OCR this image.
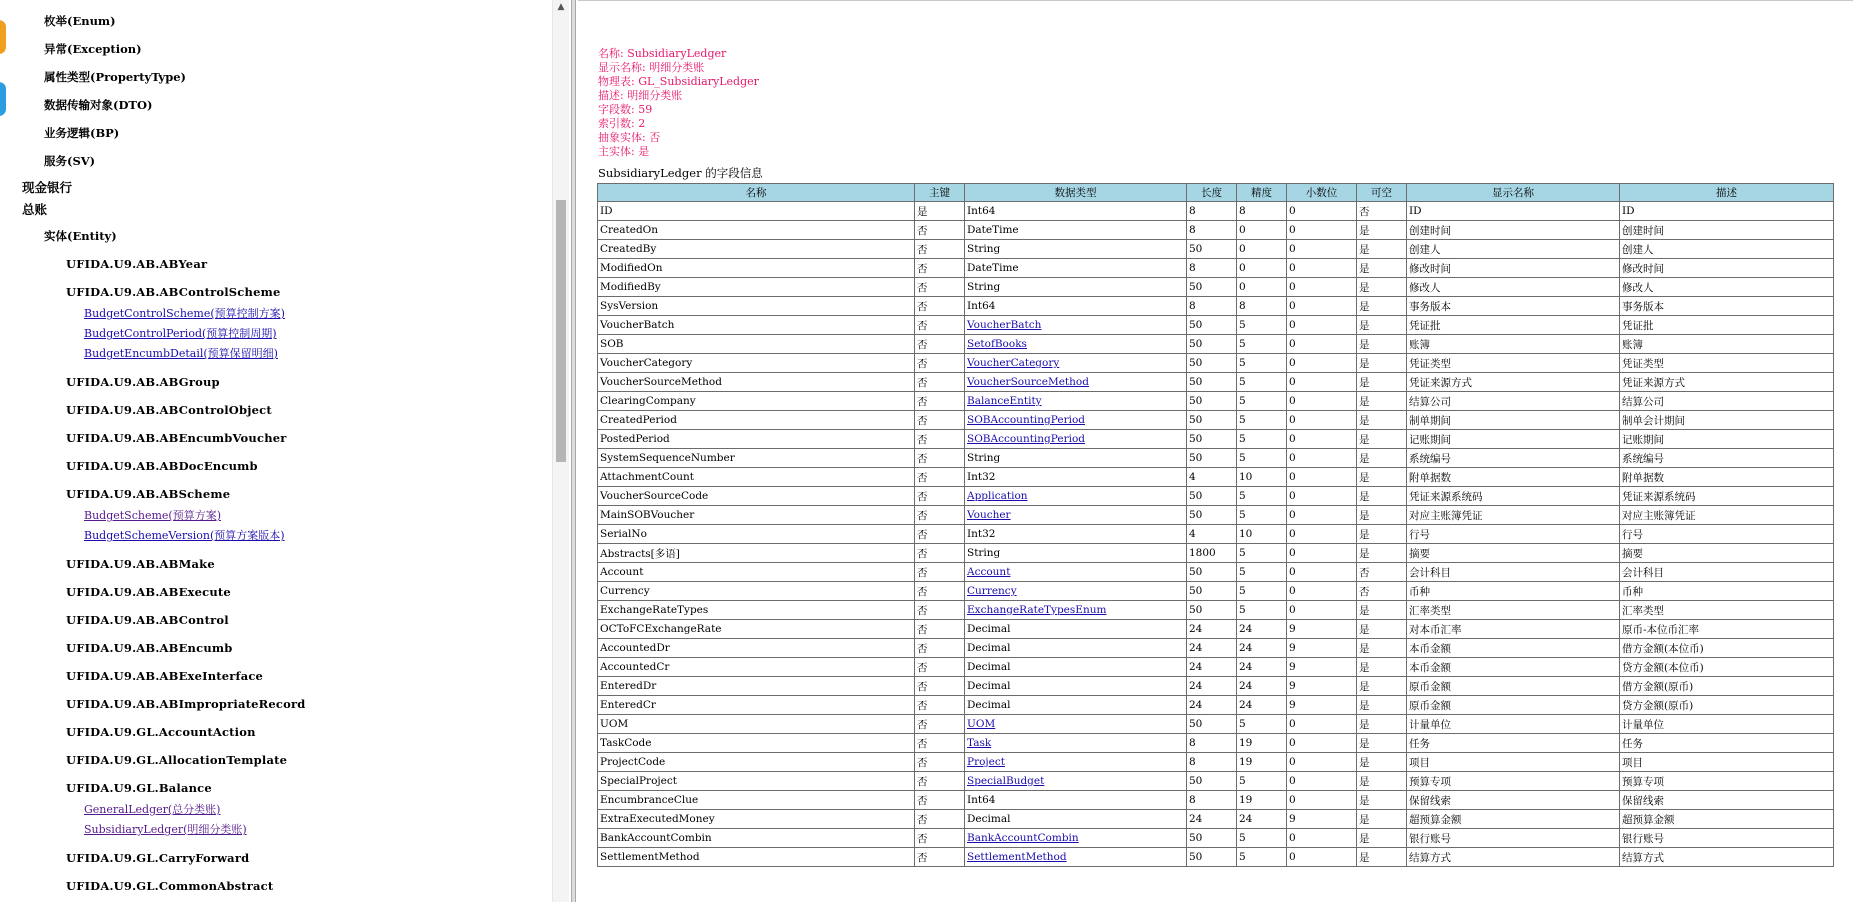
枚举(Enum)
异常(Exception)
属性类型(PropertyType)
数据传输对象(DTO)
业务逻辑(BP)
服务(SV)
现金银行
总账
实体(Entity)
UFIDA.U9.AB.ABYear
UFIDA.U9.AB.ABControlScheme
BudgetControlScheme(预算控制方案)
BudgetControlPeriod(预算控制周期)
BudgetEncumbDetail(预算保留明细)
UFIDA.U9.AB.ABGroup
UFIDA.U9.AB.ABControlObject
UFIDA.U9.AB.ABEncumbVoucher
UFIDA.U9.AB.ABDocEncumb
UFIDA.U9.AB.ABScheme
BudgetScheme(预算方案)
BudgetSchemeVersion(预算方案版本)
UFIDA.U9.AB.ABMake
UFIDA.U9.AB.ABExecute
UFIDA.U9.AB.ABControl
UFIDA.U9.AB.ABEncumb
UFIDA.U9.AB.ABExeInterface
UFIDA.U9.AB.ABImpropriateRecord
UFIDA.U9.GL.AccountAction
UFIDA.U9.GL.AllocationTemplate
UFIDA.U9.GL.Balance
GeneralLedger(总分类账)
SubsidiaryLedger(明细分类账)
UFIDA.U9.GL.CarryForward
UFIDA.U9.GL.CommonAbstract
▲
名称: SubsidiaryLedger
显示名称: 明细分类账
物理表: GL_SubsidiaryLedger
描述: 明细分类账
字段数: 59
索引数: 2
抽象实体: 否
主实体: 是
SubsidiaryLedger 的字段信息
名称	主键	数据类型	长度	精度	小数位	可空	显示名称	描述
ID	是	Int64	8	8	0	否	ID	ID
CreatedOn	否	DateTime	8	0	0	是	创建时间	创建时间
CreatedBy	否	String	50	0	0	是	创建人	创建人
ModifiedOn	否	DateTime	8	0	0	是	修改时间	修改时间
ModifiedBy	否	String	50	0	0	是	修改人	修改人
SysVersion	否	Int64	8	8	0	是	事务版本	事务版本
VoucherBatch	否	VoucherBatch	50	5	0	是	凭证批	凭证批
SOB	否	SetofBooks	50	5	0	是	账簿	账簿
VoucherCategory	否	VoucherCategory	50	5	0	是	凭证类型	凭证类型
VoucherSourceMethod	否	VoucherSourceMethod	50	5	0	是	凭证来源方式	凭证来源方式
ClearingCompany	否	BalanceEntity	50	5	0	是	结算公司	结算公司
CreatedPeriod	否	SOBAccountingPeriod	50	5	0	是	制单期间	制单会计期间
PostedPeriod	否	SOBAccountingPeriod	50	5	0	是	记账期间	记账期间
SystemSequenceNumber	否	String	50	5	0	是	系统编号	系统编号
AttachmentCount	否	Int32	4	10	0	是	附单据数	附单据数
VoucherSourceCode	否	Application	50	5	0	是	凭证来源系统码	凭证来源系统码
MainSOBVoucher	否	Voucher	50	5	0	是	对应主账簿凭证	对应主账簿凭证
SerialNo	否	Int32	4	10	0	是	行号	行号
Abstracts[多语]	否	String	1800	5	0	是	摘要	摘要
Account	否	Account	50	5	0	否	会计科目	会计科目
Currency	否	Currency	50	5	0	否	币种	币种
ExchangeRateTypes	否	ExchangeRateTypesEnum	50	5	0	是	汇率类型	汇率类型
OCToFCExchangeRate	否	Decimal	24	24	9	是	对本币汇率	原币-本位币汇率
AccountedDr	否	Decimal	24	24	9	是	本币金额	借方金额(本位币)
AccountedCr	否	Decimal	24	24	9	是	本币金额	贷方金额(本位币)
EnteredDr	否	Decimal	24	24	9	是	原币金额	借方金额(原币)
EnteredCr	否	Decimal	24	24	9	是	原币金额	贷方金额(原币)
UOM	否	UOM	50	5	0	是	计量单位	计量单位
TaskCode	否	Task	8	19	0	是	任务	任务
ProjectCode	否	Project	8	19	0	是	项目	项目
SpecialProject	否	SpecialBudget	50	5	0	是	预算专项	预算专项
EncumbranceClue	否	Int64	8	19	0	是	保留线索	保留线索
ExtraExecutedMoney	否	Decimal	24	24	9	是	超预算金额	超预算金额
BankAccountCombin	否	BankAccountCombin	50	5	0	是	银行账号	银行账号
SettlementMethod	否	SettlementMethod	50	5	0	是	结算方式	结算方式
